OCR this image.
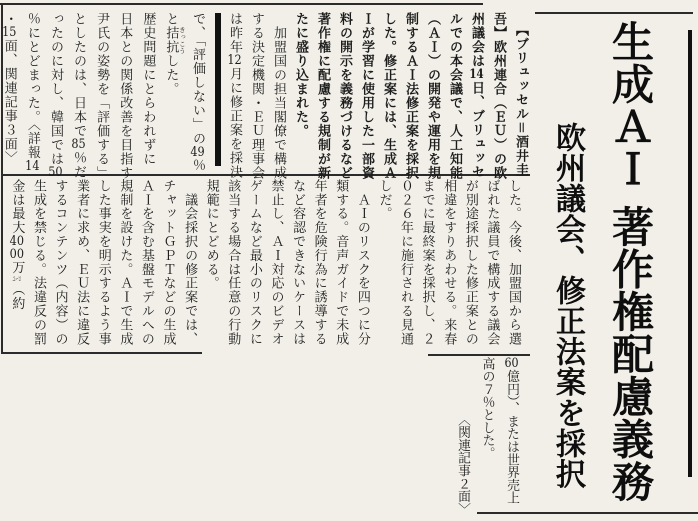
生成ＡＩ 著作権配慮義務
欧州議会、修正法案を採択

【ブリュッセル＝酒井圭

吾】欧州連合（ＥＵ）の欧

州議会は14日、ブリュッセ

ルでの本会議で、人工知能

（ＡＩ）の開発や運用を規

制するＡＩ法修正案を採択

した。修正案には、生成Ａ

Ｉが学習に使用した一部資

料の開示を義務づけるなど

著作権に配慮する規制が新

たに盛り込まれた。

　加盟国の担当閣僚で構成

する決定機関・ＥＵ理事会

は昨年12月に修正案を採決

した。今後、加盟国から選

ばれた議員で構成する議会

が別途採択した修正案との

相違をすりあわせる。来春

までに最終案を採択し、２

０２６年に施行される見通

しだ。

　ＡＩのリスクを四つに分

類する。音声ガイドで未成

年者を危険行為に誘導する

など容認できないケースは

禁止し、ＡＩ対応のビデオ

ゲームなど最小のリスクに

該当する場合は任意の行動

規範にとどめる。

　議会採択の修正案では、

チャットＧＰＴなどの生成

ＡＩを含む基盤モデルへの

規制を設けた。ＡＩで生成

した事実を明示するよう事

業者に求め、ＥＵ法に違反

するコンテンツ（内容）の

生成を禁じる。法違反の罰

金は最大4000万ユーロ（約

60億円）、または世界売上

高の７％とした。

〈関連記事２面〉

で、「評価しない」の49％

と拮抗 きっこうした。

歴史問題にとらわれずに

日本との関係改善を目指す

尹氏の姿勢を「評価する」

としたのは、日本で85％だ

ったのに対し、韓国では50

％にとどまった。〈詳報14

・15面、関連記事３面〉
